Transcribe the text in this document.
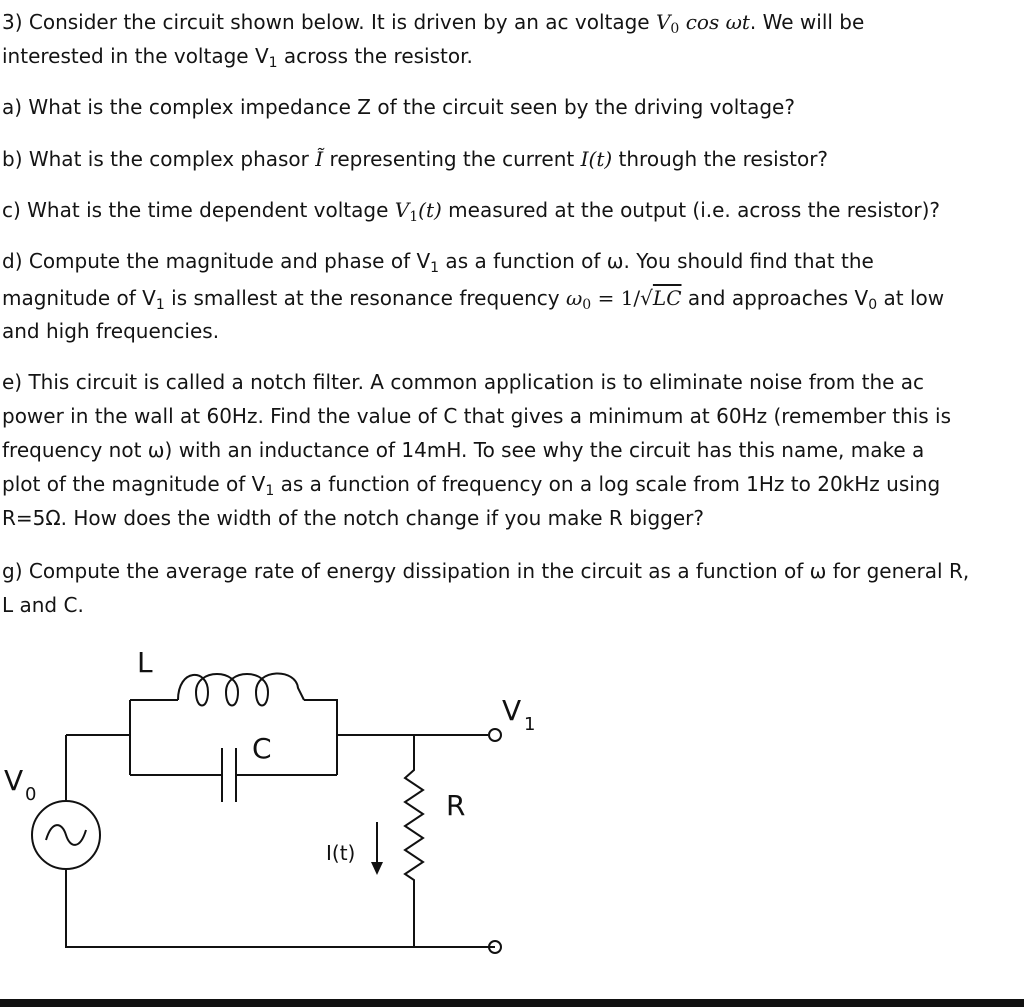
3) Consider the circuit shown below. It is driven by an ac voltage $V_0$ cos ωt. We will be

interested in the voltage $V_1$ across the resistor.

a) What is the complex impedance Z of the circuit seen by the driving voltage?

b) What is the complex phasor Ĩ representing the current I(t) through the resistor?

c) What is the time dependent voltage $V_1(t)$ measured at the output (i.e. across the resistor)?

d) Compute the magnitude and phase of $V_1$ as a function of ω. You should find that the

magnitude of $V_1$ is smallest at the resonance frequency $\omega_0 = 1/√LC$ and approaches $V_0$ at low

and high frequencies.

e) This circuit is called a notch filter. A common application is to eliminate noise from the ac

power in the wall at 60Hz. Find the value of C that gives a minimum at 60Hz (remember this is

frequency not ω) with an inductance of 14mH. To see why the circuit has this name, make a

plot of the magnitude of $V_1$ as a function of frequency on a log scale from 1Hz to 20kHz using

R=5Ω. How does the width of the notch change if you make R bigger?

g) Compute the average rate of energy dissipation in the circuit as a function of ω for general R,

L and C.

L
C
R
V 0
V 1
I(t)
